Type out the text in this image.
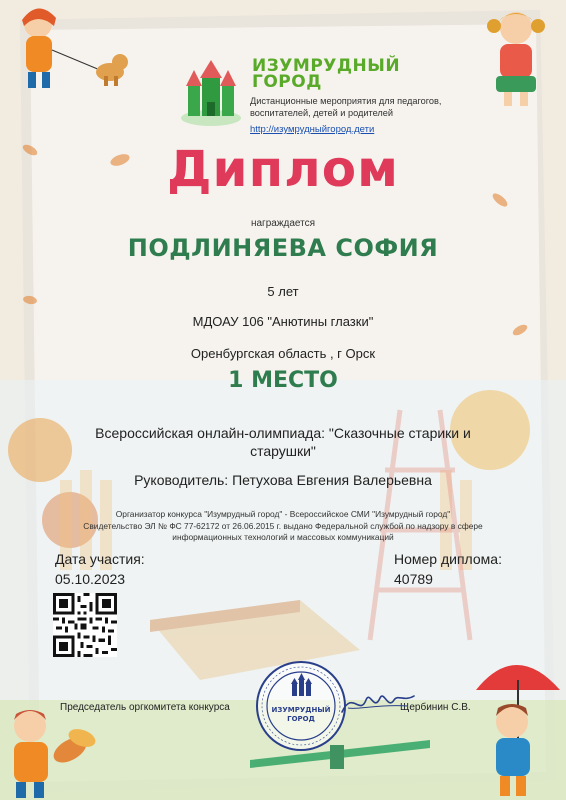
ИЗУМРУДНЫЙ
ГОРОД
Дистанционные мероприятия для педагогов, воспитателей, детей и родителей
http://изумрудныйгород.дети
Диплом
награждается
ПОДЛИНЯЕВА СОФИЯ
5 лет
МДОАУ 106 "Анютины глазки"
Оренбургская область , г Орск
1 МЕСТО
Всероссийская онлайн-олимпиада: "Сказочные старики и старушки"
Руководитель: Петухова Евгения Валерьевна
Организатор конкурса "Изумрудный город" - Всероссийское СМИ "Изумрудный город"
Свидетельство ЭЛ № ФС 77-62172 от 26.06.2015 г. выдано Федеральной службой по надзору в сфере
информационных технологий и массовых коммуникаций
Дата участия:
05.10.2023
Номер диплома:
40789
Председатель оргкомитета конкурса	ИЗУМРУДНЫЙ
ГОРОД
Щербинин С.В.
